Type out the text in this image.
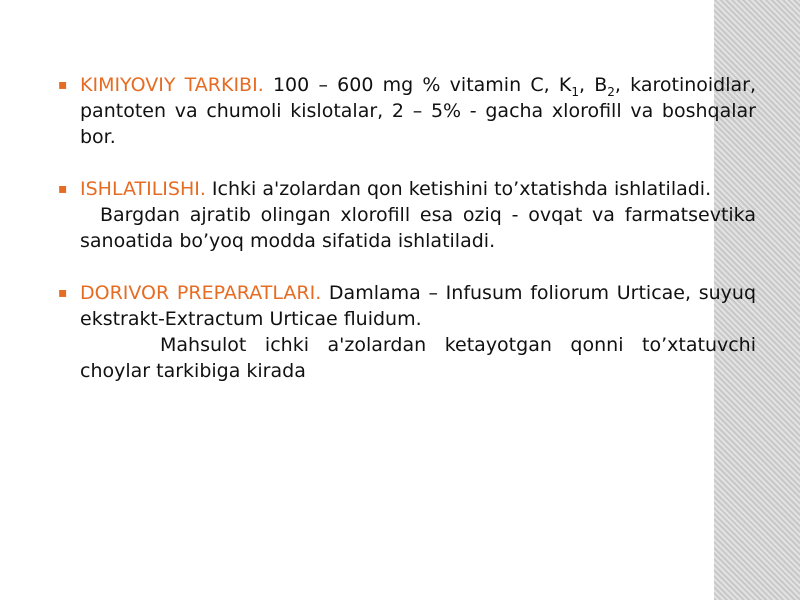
▪ KIMIYOVIY TARKIBI. 100 – 600 mg % vitamin C, $K_1$, $B_2$, karotinoidlar, pantoten va chumoli kislotalar, 2 – 5% - gacha xlorofill va boshqalar bor.
▪ ISHLATILISHI. Ichki a'zolardan qon ketishini to’xtatishda ishlatiladi.
Bargdan ajratib olingan xlorofill esa oziq - ovqat va farmatsevtika sanoatida bo’yoq modda sifatida ishlatiladi.
▪ DORIVOR PREPARATLARI. Damlama – Infusum foliorum Urticae, suyuq ekstrakt-Extractum Urticae fluidum.
Mahsulot ichki a'zolardan ketayotgan qonni to’xtatuvchi choylar tarkibiga kirada
